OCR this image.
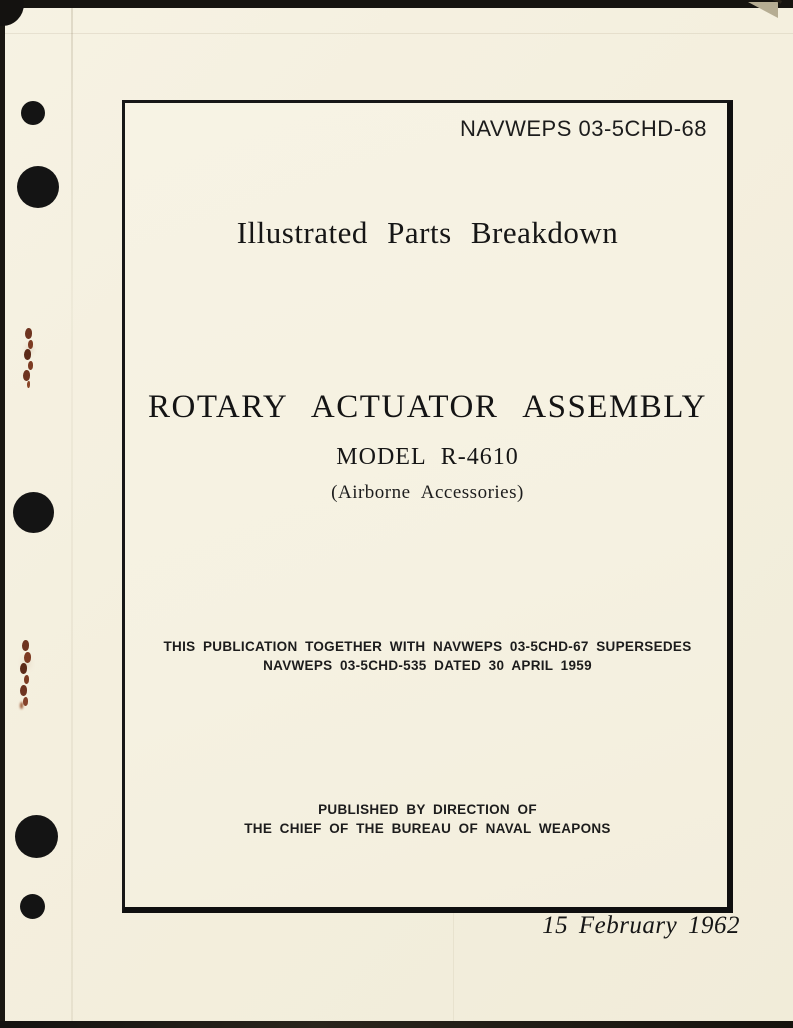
NAVWEPS 03-5CHD-68
Illustrated Parts Breakdown
ROTARY ACTUATOR ASSEMBLY
MODEL R-4610
(Airborne Accessories)
THIS PUBLICATION TOGETHER WITH NAVWEPS 03-5CHD-67 SUPERSEDES
NAVWEPS 03-5CHD-535 DATED 30 APRIL 1959
PUBLISHED BY DIRECTION OF
THE CHIEF OF THE BUREAU OF NAVAL WEAPONS
15 February 1962
